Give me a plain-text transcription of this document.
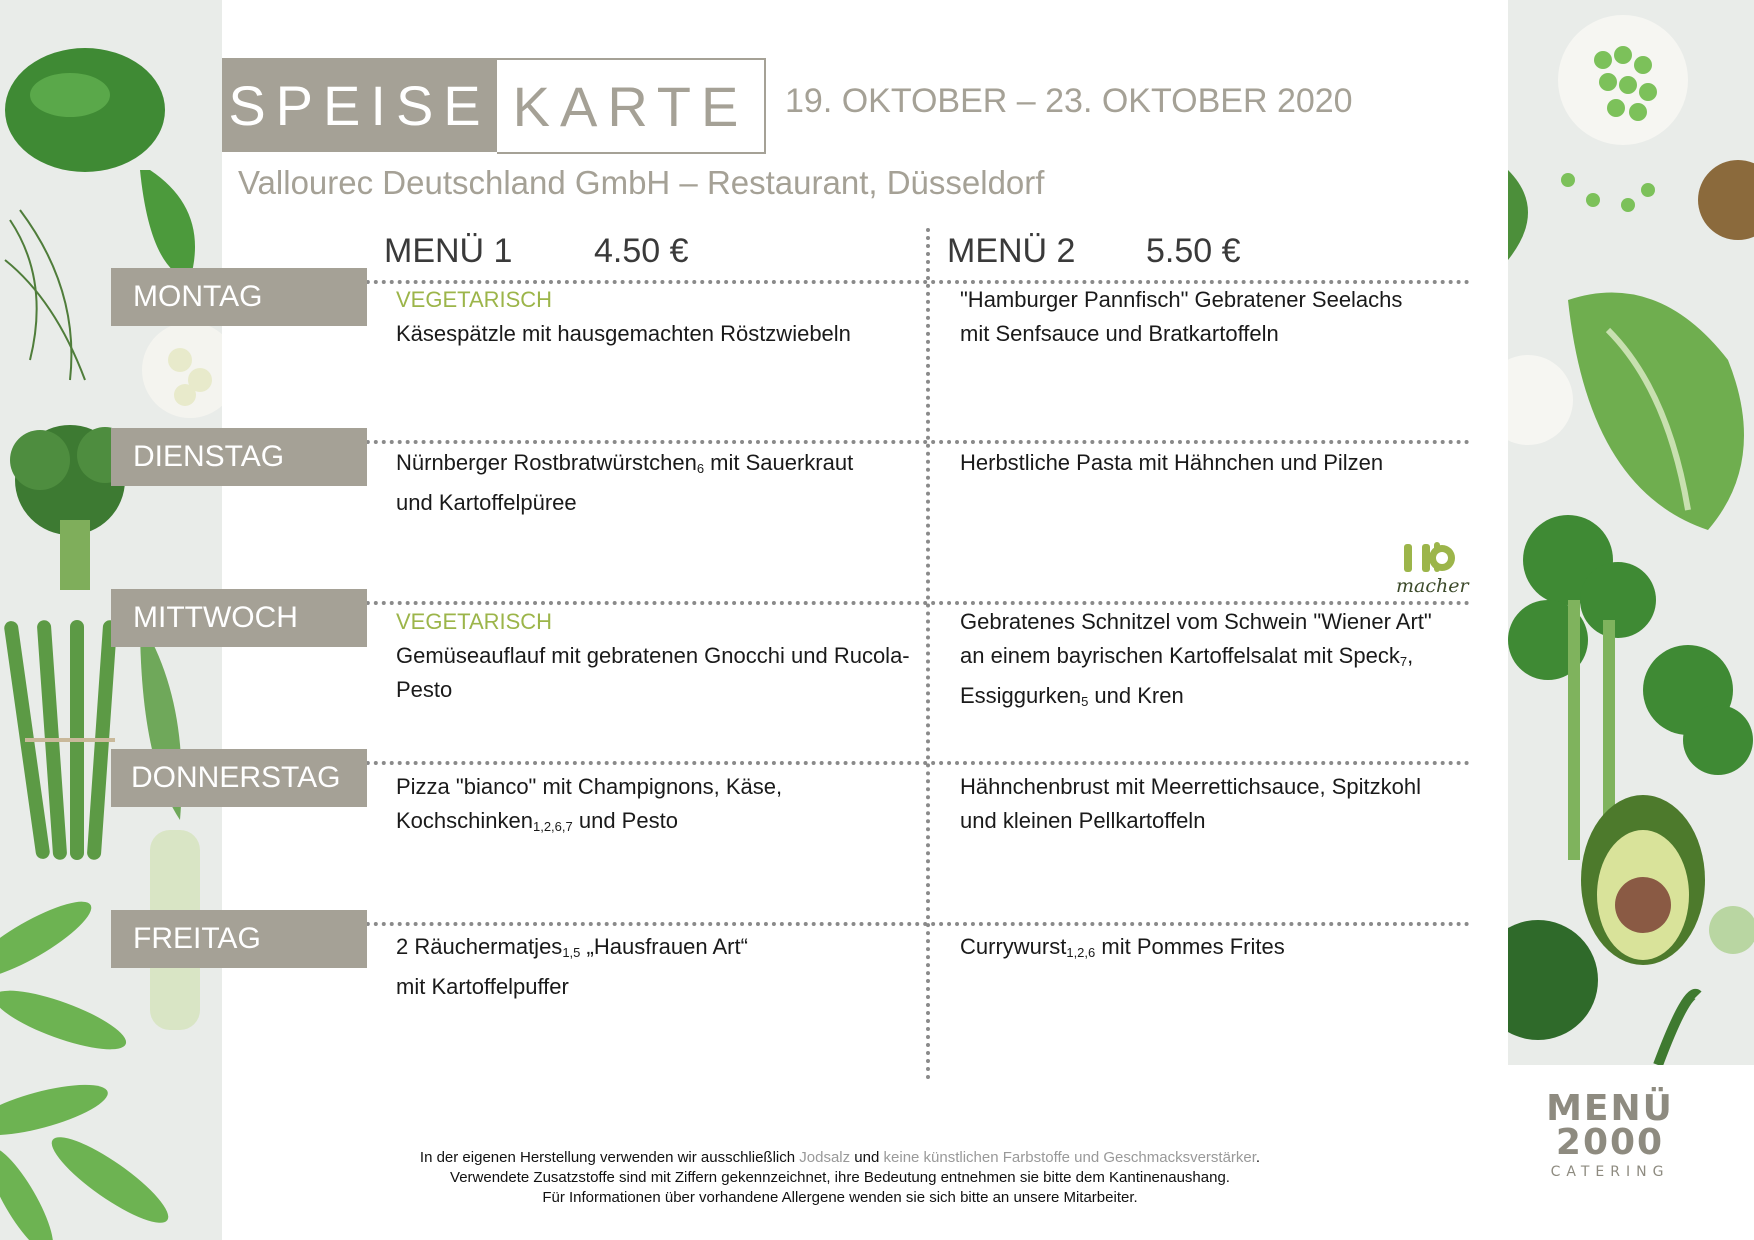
SPEISE KARTE	19. OKTOBER – 23. OKTOBER 2020
Vallourec Deutschland GmbH – Restaurant, Düsseldorf
MENÜ 1 4.50 €	MENÜ 2 5.50 €
MONTAG
DIENSTAG
MITTWOCH
DONNERSTAG
FREITAG
VEGETARISCH
Käsespätzle mit hausgemachten Röstzwiebeln
"Hamburger Pannfisch" Gebratener Seelachs
mit Senfsauce und Bratkartoffeln
Nürnberger Rostbratwürstchen$_6$ mit Sauerkraut
und Kartoffelpüree
Herbstliche Pasta mit Hähnchen und Pilzen
VEGETARISCH
Gemüseauflauf mit gebratenen Gnocchi und Rucola-
Pesto
Gebratenes Schnitzel vom Schwein "Wiener Art"
an einem bayrischen Kartoffelsalat mit Speck$_7$,
Essiggurken$_5$ und Kren
Pizza "bianco" mit Champignons, Käse,
Kochschinken$_{1,2,6,7}$ und Pesto
Hähnchenbrust mit Meerrettichsauce, Spitzkohl
und kleinen Pellkartoffeln
2 Räuchermatjes$_{1,5}$ „Hausfrauen Art“
mit Kartoffelpuffer
Currywurst$_{1,2,6}$ mit Pommes Frites
macher
In der eigenen Herstellung verwenden wir ausschließlich Jodsalz und keine künstlichen Farbstoffe und Geschmacksverstärker.
Verwendete Zusatzstoffe sind mit Ziffern gekennzeichnet, ihre Bedeutung entnehmen sie bitte dem Kantinenaushang.
Für Informationen über vorhandene Allergene wenden sie sich bitte an unsere Mitarbeiter.
MENÜ
2000
CATERING
